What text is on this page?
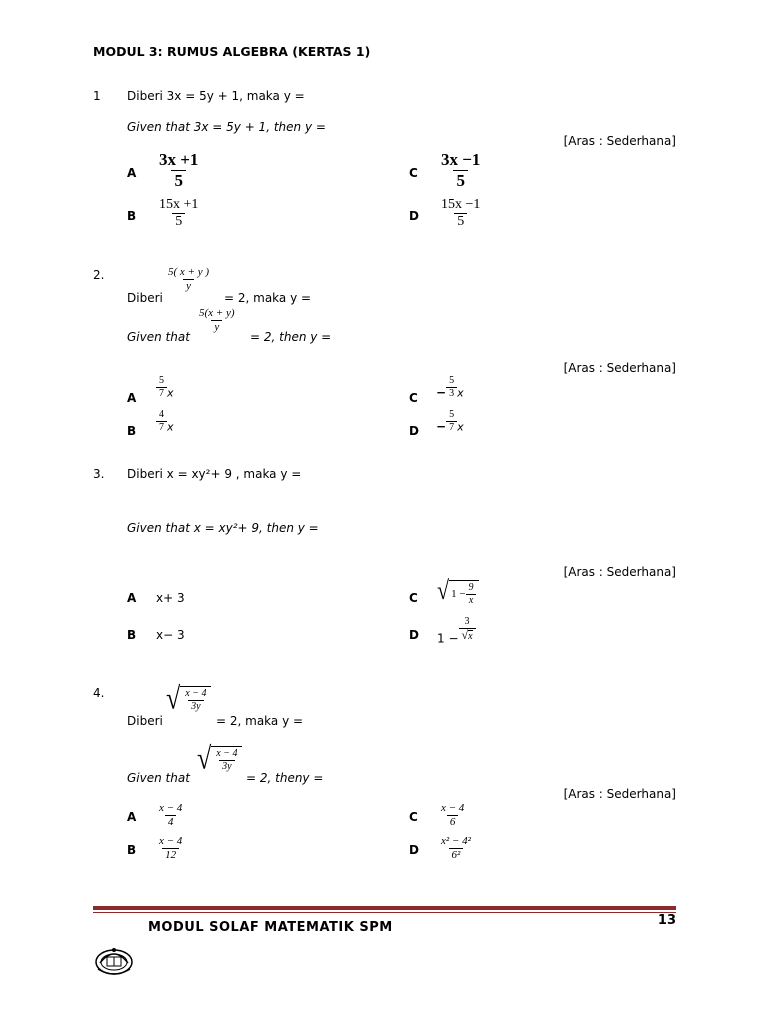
MODUL 3: RUMUS ALGEBRA (KERTAS 1)
1 Diberi 3x = 5y + 1, maka y =
Given that 3x = 5y + 1, then y =
[Aras : Sederhana]
A $\frac{3x +1}{5}$	C $\frac{3x -1}{5}$
B $\frac{15x +1}{5}$	D $\frac{15x -1}{5}$
2.	$\frac{5( x + y )}{y}$
Diberi	= 2, maka y =
$\frac{5(x + y)}{y}$
Given that	= 2, then y =
[Aras : Sederhana]
A $\frac{5}{7}$ x	$C - \frac{5}{3}$ x
B $\frac{4}{7}$ x	$D - \frac{5}{7}$ x
3. Diberi x = xy²+ 9 , maka y =
Given that x = xy²+ 9, then y =
[Aras : Sederhana]
A x+ 3	C √ $1 - \frac{9}{x}$
B x− 3	D $1 - \frac{3}{√x}$
4. √ $\frac{x - 4}{3y}$
Diberi	= 2, maka y =
√ $\frac{x - 4}{3y}$
Given that	= 2, theny =
[Aras : Sederhana]
A $\frac{x - 4}{4}$	C $\frac{x - 4}{6}$
B $\frac{x - 4}{12}$	D $\frac{\text{x² − 4²}}{\text{6²}}$
MODUL SOLAF MATEMATIK SPM	13
